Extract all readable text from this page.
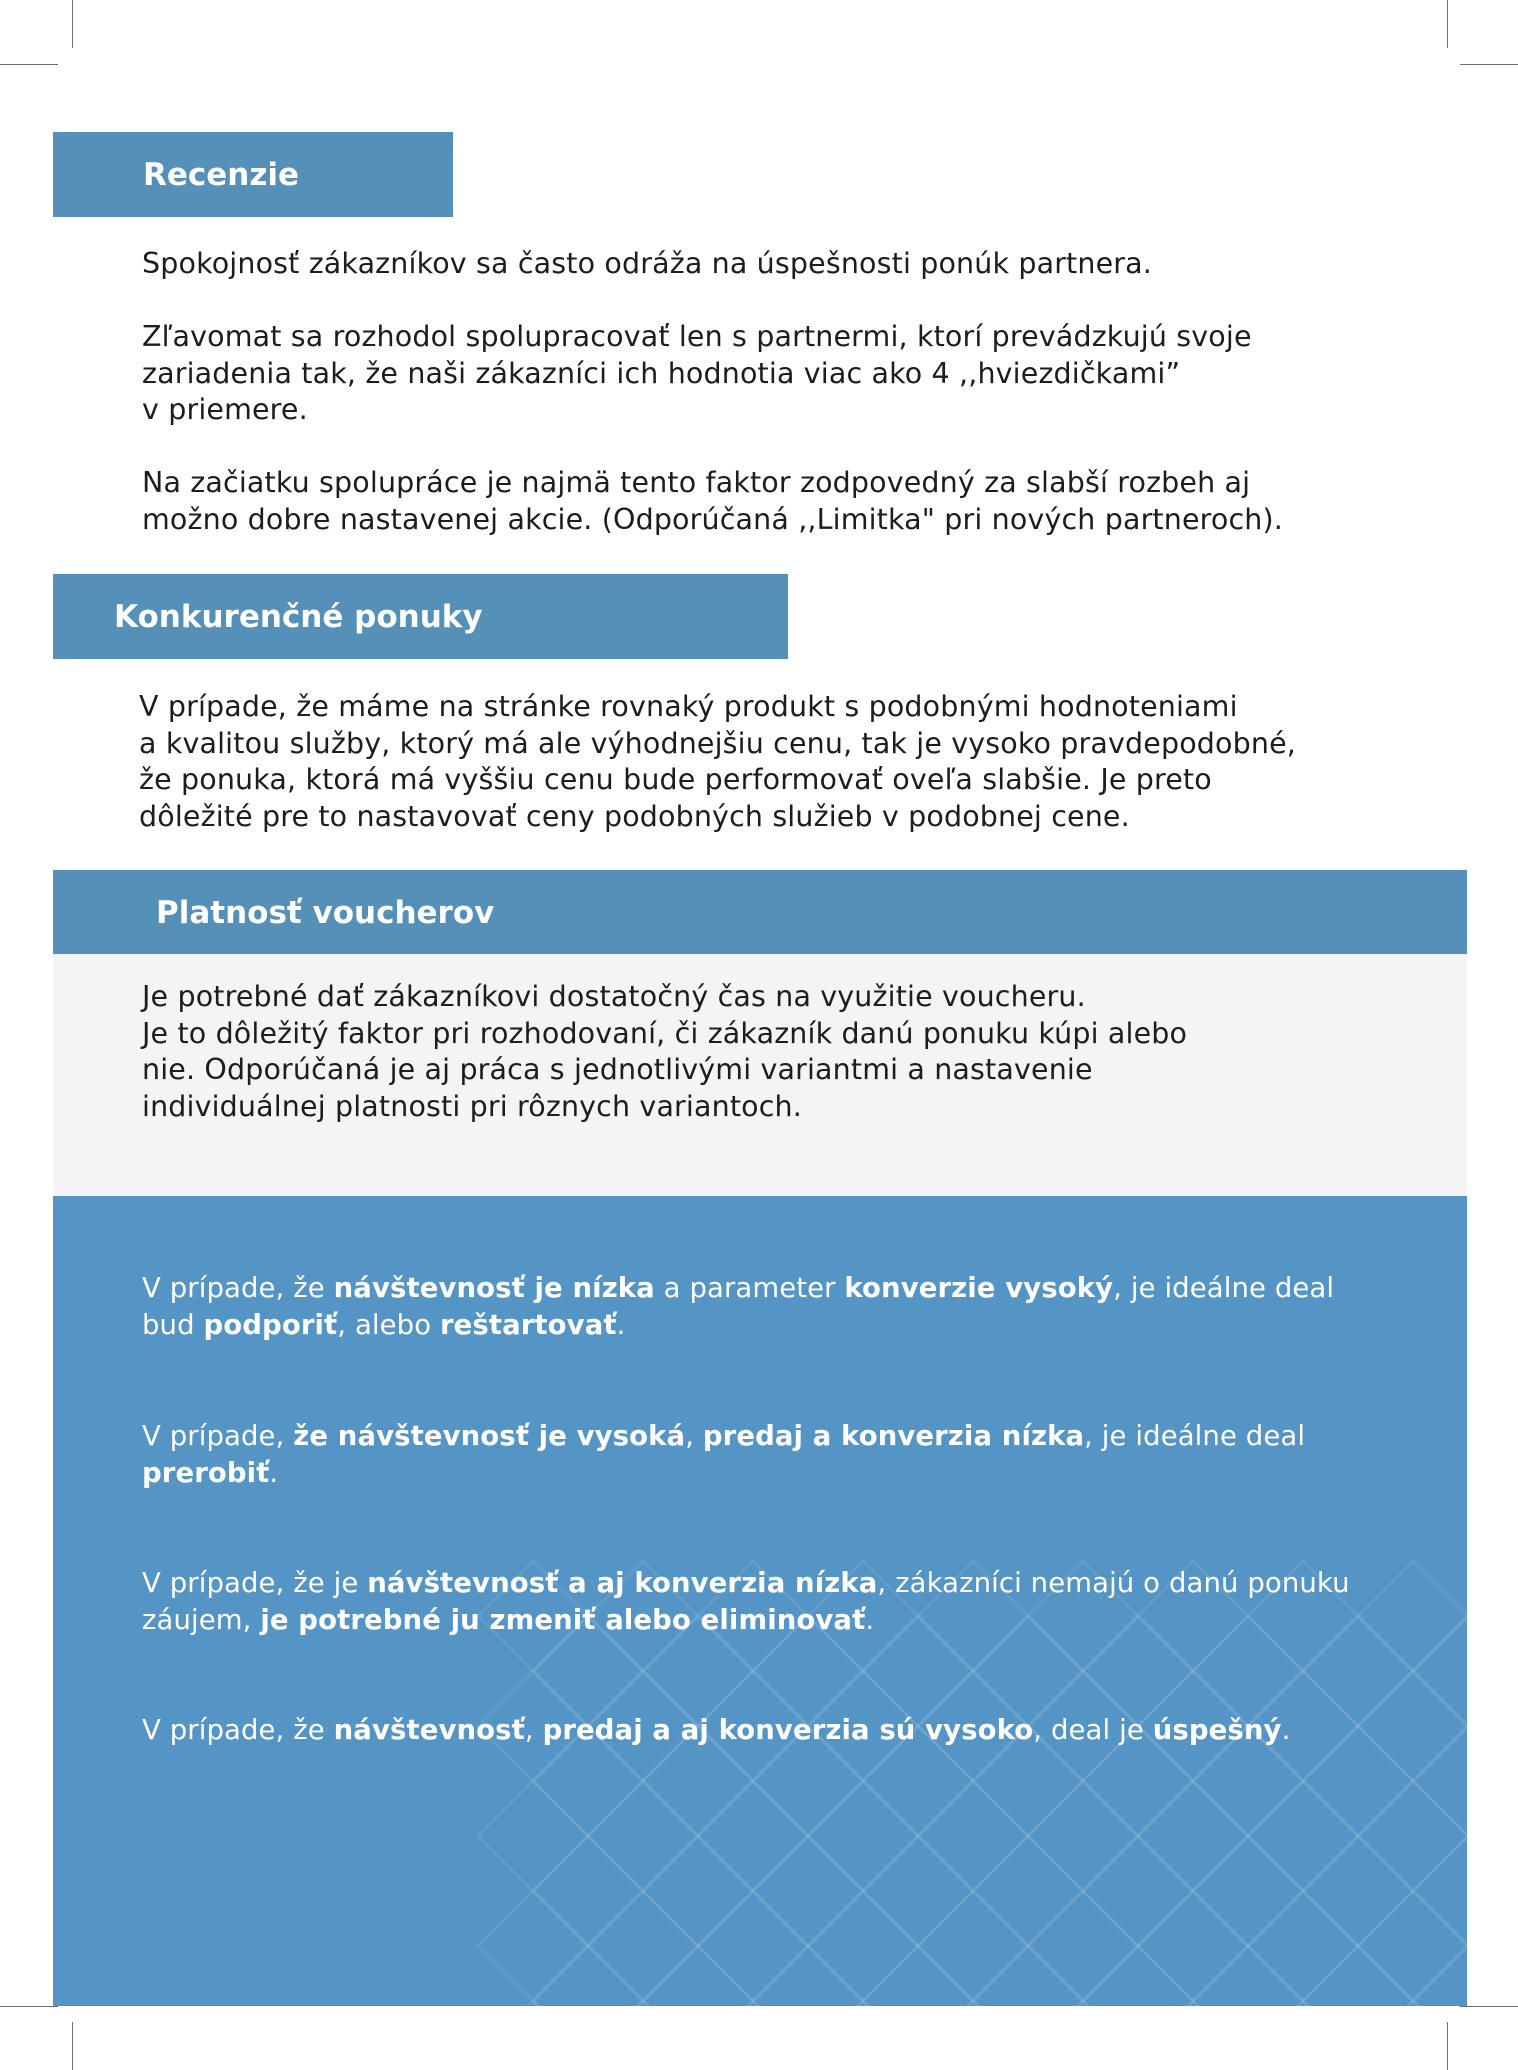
Recenzie
Spokojnosť zákazníkov sa často odráža na úspešnosti ponúk partnera.

Zľavomat sa rozhodol spolupracovať len s partnermi, ktorí prevádzkujú svoje
zariadenia tak, že naši zákazníci ich hodnotia viac ako 4 ,,hviezdičkami”
v priemere.

Na začiatku spolupráce je najmä tento faktor zodpovedný za slabší rozbeh aj
možno dobre nastavenej akcie. (Odporúčaná ,,Limitka" pri nových partneroch).
Konkurenčné ponuky
V prípade, že máme na stránke rovnaký produkt s podobnými hodnoteniami
a kvalitou služby, ktorý má ale výhodnejšiu cenu, tak je vysoko pravdepodobné,
že ponuka, ktorá má vyššiu cenu bude performovať oveľa slabšie. Je preto
dôležité pre to nastavovať ceny podobných služieb v podobnej cene.
Platnosť voucherov
Je potrebné dať zákazníkovi dostatočný čas na využitie voucheru.
Je to dôležitý faktor pri rozhodovaní, či zákazník danú ponuku kúpi alebo
nie. Odporúčaná je aj práca s jednotlivými variantmi a nastavenie
individuálnej platnosti pri rôznych variantoch.
V prípade, že návštevnosť je nízka a parameter konverzie vysoký, je ideálne deal
bud podporiť, alebo reštartovať.
V prípade, že návštevnosť je vysoká, predaj a konverzia nízka, je ideálne deal
prerobiť.
V prípade, že je návštevnosť a aj konverzia nízka, zákazníci nemajú o danú ponuku
záujem, je potrebné ju zmeniť alebo eliminovať.
V prípade, že návštevnosť, predaj a aj konverzia sú vysoko, deal je úspešný.
